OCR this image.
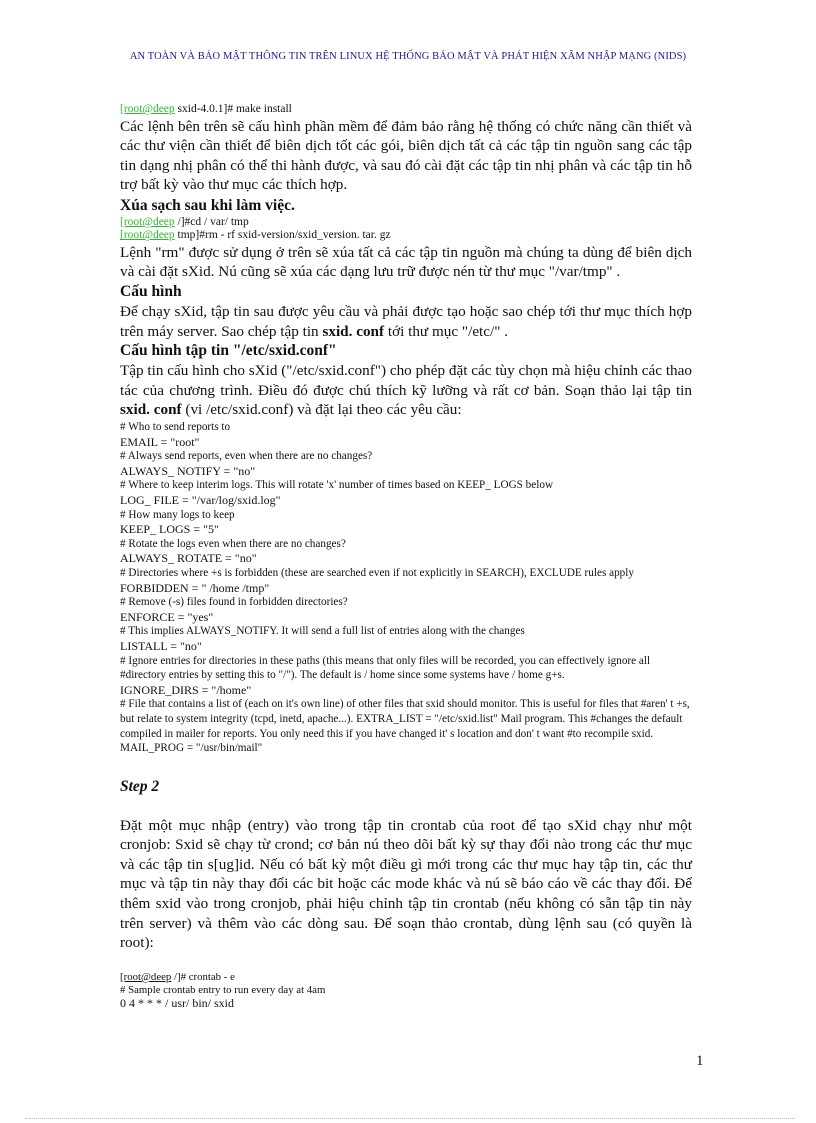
AN TOÀN VÀ BẢO MẬT THÔNG TIN TRÊN LINUX HỆ THỐNG BẢO MẬT VÀ PHÁT HIỆN XÂM NHẬP MẠNG (NIDS)

[root@deep sxid-4.0.1]# make install

Các lệnh bên trên sẽ cấu hình phần mềm để đảm bảo rằng hệ thống có chức năng cần thiết và các thư viện cần thiết để biên dịch tốt các gói, biên dịch tất cả các tập tin nguồn sang các tập tin dạng nhị phân có thể thi hành được, và sau đó cài đặt các tập tin nhị phân và các tập tin hỗ trợ bất kỳ vào thư mục các thích hợp.

Xúa sạch sau khi làm việc.

[root@deep /]#cd / var/ tmp

[root@deep tmp]#rm - rf sxid-version/sxid_version. tar. gz

Lệnh "rm" được sử dụng ở trên sẽ xúa tất cả các tập tin nguồn mà chúng ta dùng để biên dịch và cài đặt sXid. Nú cũng sẽ xúa các dạng lưu trữ được nén từ thư mục "/var/tmp" .

Cấu hình

Để chạy sXid, tập tin sau được yêu cầu và phải được tạo hoặc sao chép tới thư mục thích hợp trên máy server. Sao chép tập tin sxid. conf tới thư mục "/etc/" .

Cấu hình tập tin "/etc/sxid.conf"

Tập tin cấu hình cho sXid ("/etc/sxid.conf") cho phép đặt các tùy chọn mà hiệu chỉnh các thao tác của chương trình. Điều đó được chú thích kỹ lưỡng và rất cơ bản. Soạn thảo lại tập tin sxid. conf (vi /etc/sxid.conf) và đặt lại theo các yêu cầu:

# Who to send reports to

EMAIL = "root"

# Always send reports, even when there are no changes?

ALWAYS_ NOTIFY = "no"

# Where to keep interim logs. This will rotate 'x' number of times based on KEEP_ LOGS below

LOG_ FILE = "/var/log/sxid.log"

# How many logs to keep

KEEP_ LOGS = "5"

# Rotate the logs even when there are no changes?

ALWAYS_ ROTATE = "no"

# Directories where +s is forbidden (these are searched even if not explicitly in SEARCH), EXCLUDE rules apply

FORBIDDEN = " /home /tmp"

# Remove (-s) files found in forbidden directories?

ENFORCE = "yes"

# This implies ALWAYS_NOTIFY. It will send a full list of entries along with the changes

LISTALL = "no"

# Ignore entries for directories in these paths (this means that only files will be recorded, you can effectively ignore all #directory entries by setting this to "/"). The default is / home since some systems have / home g+s.

IGNORE_DIRS = "/home"

# File that contains a list of (each on it's own line) of other files that sxid should monitor. This is useful for files that #aren' t +s, but relate to system integrity (tcpd, inetd, apache...). EXTRA_LIST = "/etc/sxid.list" Mail program. This #changes the default compiled in mailer for reports. You only need this if you have changed it' s location and don' t want #to recompile sxid. MAIL_PROG = "/usr/bin/mail"

Step 2

Đặt một mục nhập (entry) vào trong tập tin crontab của root để tạo sXid chạy như một cronjob: Sxid sẽ chạy từ crond; cơ bản nú theo dõi bất kỳ sự thay đổi nào trong các thư mục và các tập tin s[ug]id. Nếu có bất kỳ một điều gì mới trong các thư mục hay tập tin, các thư mục và tập tin này thay đổi các bit hoặc các mode khác và nú sẽ báo cáo về các thay đổi. Để thêm sxid vào trong cronjob, phải hiệu chỉnh tập tin crontab (nếu không có sẵn tập tin này trên server) và thêm vào các dòng sau. Để soạn thảo crontab, dùng lệnh sau (có quyền là root):

[root@deep /]# crontab - e

# Sample crontab entry to run every day at 4am

0 4 * * * / usr/ bin/ sxid

1
